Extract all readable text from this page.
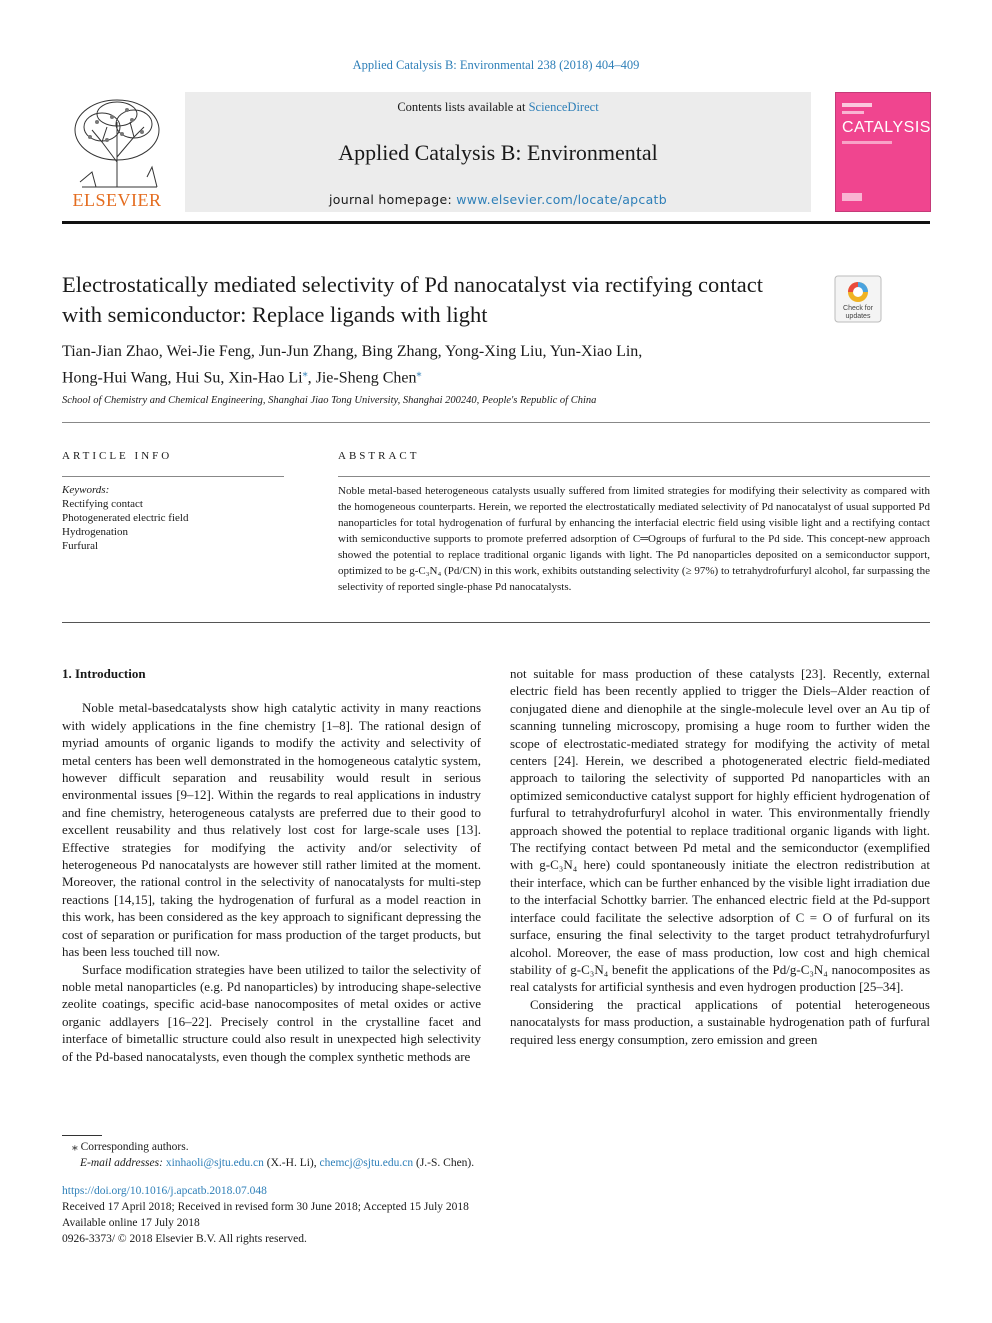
Applied Catalysis B: Environmental 238 (2018) 404–409
ELSEVIER
Contents lists available at ScienceDirect
Applied Catalysis B: Environmental
journal homepage: www.elsevier.com/locate/apcatb
CATALYSIS
Electrostatically mediated selectivity of Pd nanocatalyst via rectifying contact with semiconductor: Replace ligands with light	Check for
updates
Tian-Jian Zhao, Wei-Jie Feng, Jun-Jun Zhang, Bing Zhang, Yong-Xing Liu, Yun-Xiao Lin,
Hong-Hui Wang, Hui Su, Xin-Hao Li⁎, Jie-Sheng Chen⁎
School of Chemistry and Chemical Engineering, Shanghai Jiao Tong University, Shanghai 200240, People's Republic of China
ARTICLE INFO	ABSTRACT
Keywords:
Rectifying contact
Photogenerated electric field
Hydrogenation
Furfural
Noble metal-based heterogeneous catalysts usually suffered from limited strategies for modifying their selectivity as compared with the homogeneous counterparts. Herein, we reported the electrostatically mediated selectivity of Pd nanocatalyst of usual supported Pd nanoparticles for total hydrogenation of furfural by enhancing the interfacial electric field using visible light and a rectifying contact with semiconductive supports to promote preferred adsorption of C═Ogroups of furfural to the Pd side. This concept-new approach showed the potential to replace traditional organic ligands with light. The Pd nanoparticles deposited on a semiconductor support, optimized to be g-C₃N₄ (Pd/CN) in this work, exhibits outstanding selectivity (≥ 97%) to tetrahydrofurfuryl alcohol, far surpassing the selectivity of reported single-phase Pd nanocatalysts.
1. Introduction

Noble metal-basedcatalysts show high catalytic activity in many reactions with widely applications in the fine chemistry [1–8]. The rational design of myriad amounts of organic ligands to modify the activity and selectivity of metal centers has been well demonstrated in the homogeneous catalytic system, however difficult separation and reusability would result in serious environmental issues [9–12]. Within the regards to real applications in industry and fine chemistry, heterogeneous catalysts are preferred due to their good to excellent reusability and thus relatively lost cost for large-scale uses [13]. Effective strategies for modifying the activity and/or selectivity of heterogeneous Pd nanocatalysts are however still rather limited at the moment. Moreover, the rational control in the selectivity of nanocatalysts for multi-step reactions [14,15], taking the hydrogenation of furfural as a model reaction in this work, has been considered as the key approach to significant depressing the cost of separation or purification for mass production of the target products, but has been less touched till now.

Surface modification strategies have been utilized to tailor the selectivity of noble metal nanoparticles (e.g. Pd nanoparticles) by introducing shape-selective zeolite coatings, specific acid-base nanocomposites of metal oxides or active organic addlayers [16–22]. Precisely control in the crystalline facet and interface of bimetallic structure could also result in unexpected high selectivity of the Pd-based nanocatalysts, even though the complex synthetic methods are

not suitable for mass production of these catalysts [23]. Recently, external electric field has been recently applied to trigger the Diels–Alder reaction of conjugated diene and dienophile at the single-molecule level over an Au tip of scanning tunneling microscopy, promising a huge room to further widen the scope of electrostatic-mediated strategy for modifying the activity of metal centers [24]. Herein, we described a photogenerated electric field-mediated approach to tailoring the selectivity of supported Pd nanoparticles with an optimized semiconductive catalyst support for highly efficient hydrogenation of furfural to tetrahydrofurfuryl alcohol in water. This environmentally friendly approach showed the potential to replace traditional organic ligands with light. The rectifying contact between Pd metal and the semiconductor (exemplified with g-C₃N₄ here) could spontaneously initiate the electron redistribution at their interface, which can be further enhanced by the visible light irradiation due to the interfacial Schottky barrier. The enhanced electric field at the Pd-support interface could facilitate the selective adsorption of C = O of furfural on its surface, ensuring the final selectivity to the target product tetrahydrofurfuryl alcohol. Moreover, the ease of mass production, low cost and high chemical stability of g-C₃N₄ benefit the applications of the Pd/g-C₃N₄ nanocomposites as real catalysts for artificial synthesis and even hydrogen production [25–34].

Considering the practical applications of potential heterogeneous nanocatalysts for mass production, a sustainable hydrogenation path of furfural required less energy consumption, zero emission and green

⁎ Corresponding authors.
E-mail addresses: xinhaoli@sjtu.edu.cn (X.-H. Li), chemcj@sjtu.edu.cn (J.-S. Chen).
https://doi.org/10.1016/j.apcatb.2018.07.048
Received 17 April 2018; Received in revised form 30 June 2018; Accepted 15 July 2018
Available online 17 July 2018
0926-3373/ © 2018 Elsevier B.V. All rights reserved.
